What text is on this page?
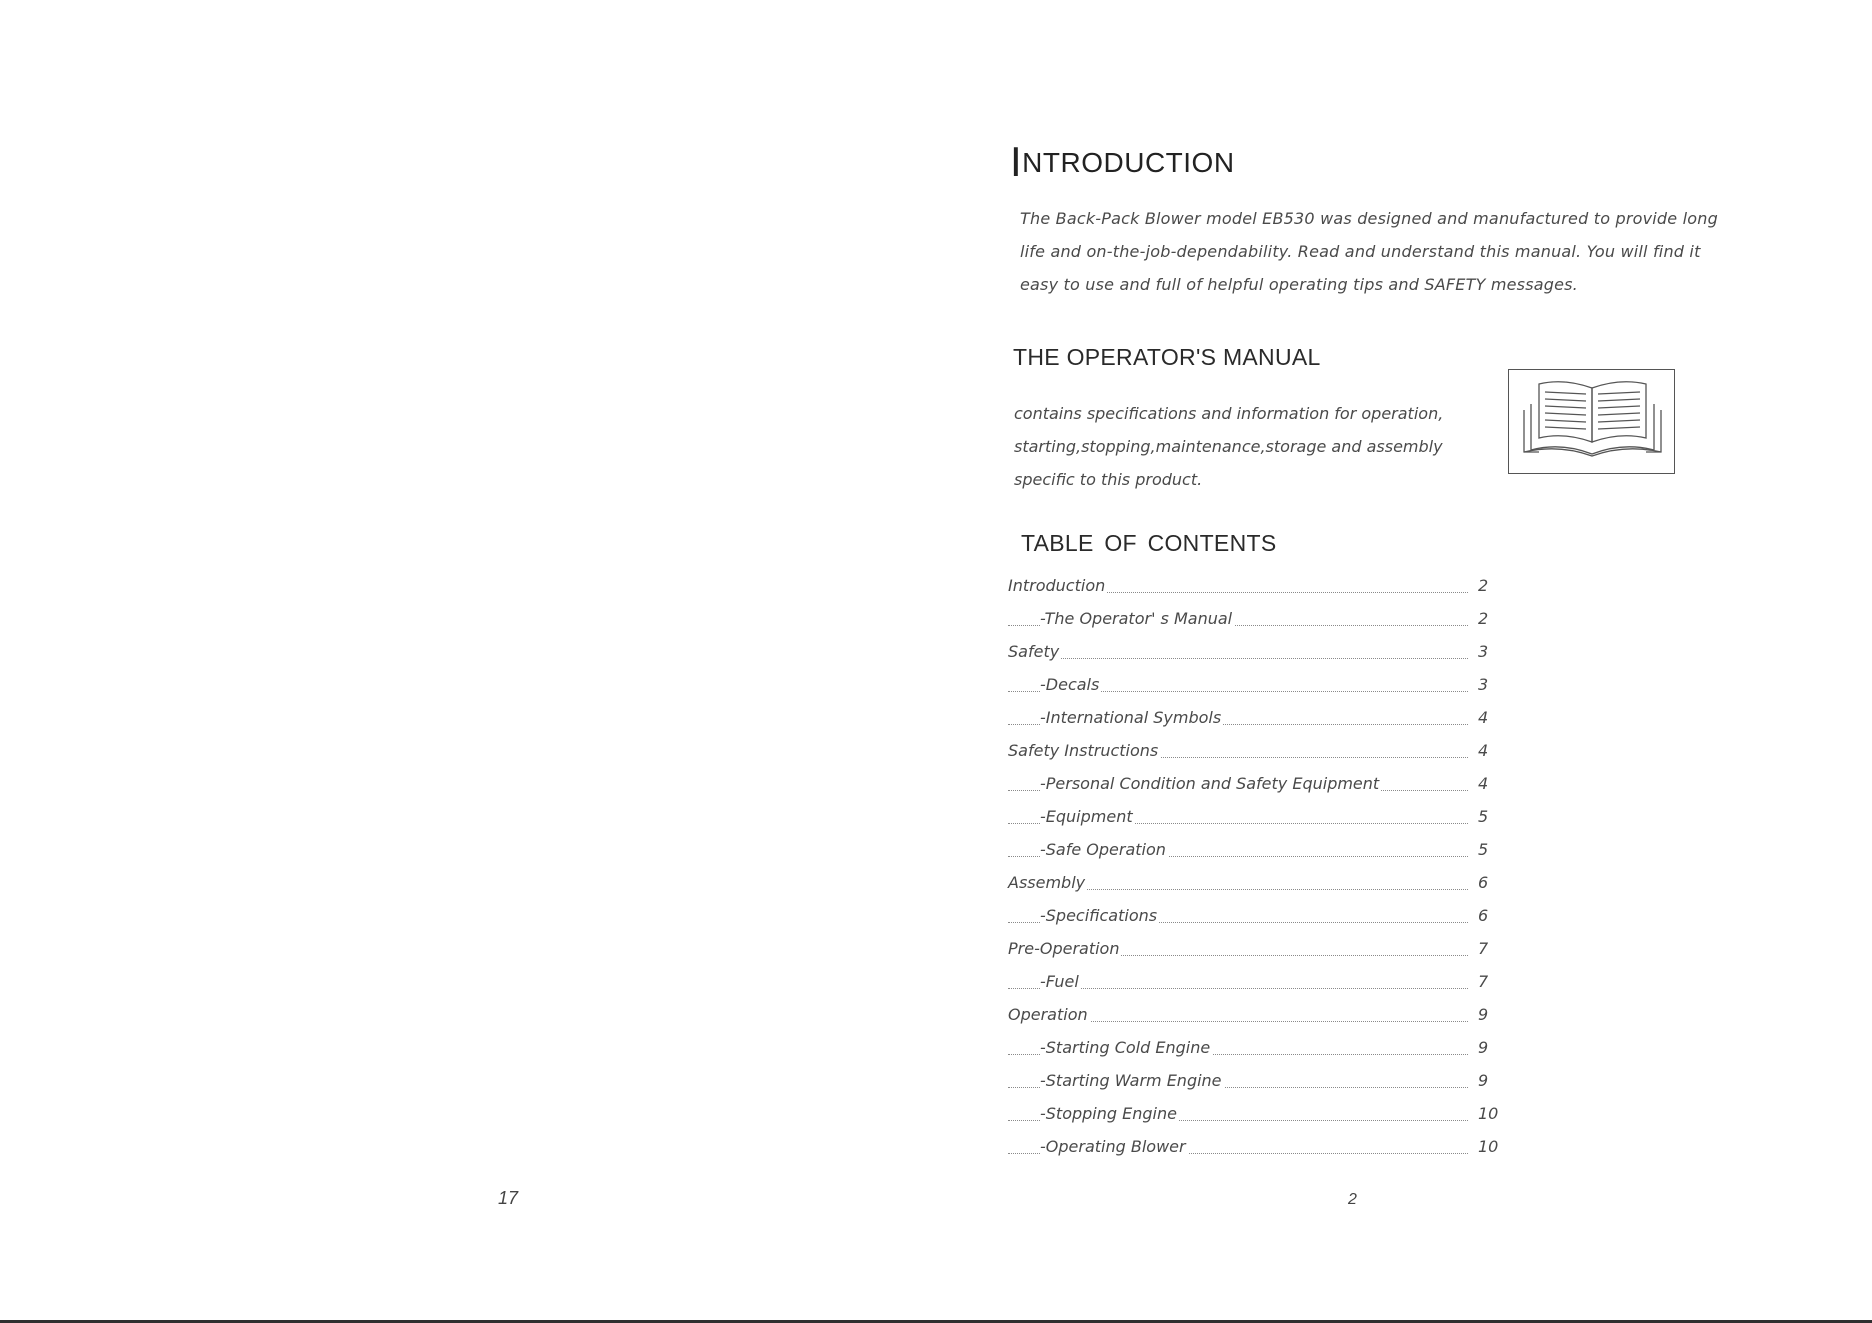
17
INTRODUCTION

The Back-Pack Blower model EB530 was designed and manufactured to provide long life and on-the-job-dependability. Read and understand this manual. You will find it easy to use and full of helpful operating tips and SAFETY messages.

THE OPERATOR'S MANUAL

contains specifications and information for operation, starting,stopping,maintenance,storage and assembly specific to this product.

TABLE OF CONTENTS
Introduction	2
-The Operator' s Manual	2
Safety	3
-Decals	3
-International Symbols	4
Safety Instructions	4
-Personal Condition and Safety Equipment	4
-Equipment	5
-Safe Operation	5
Assembly	6
-Specifications	6
Pre-Operation	7
-Fuel	7
Operation	9
-Starting Cold Engine	9
-Starting Warm Engine	9
-Stopping Engine	10
-Operating Blower	10
2
